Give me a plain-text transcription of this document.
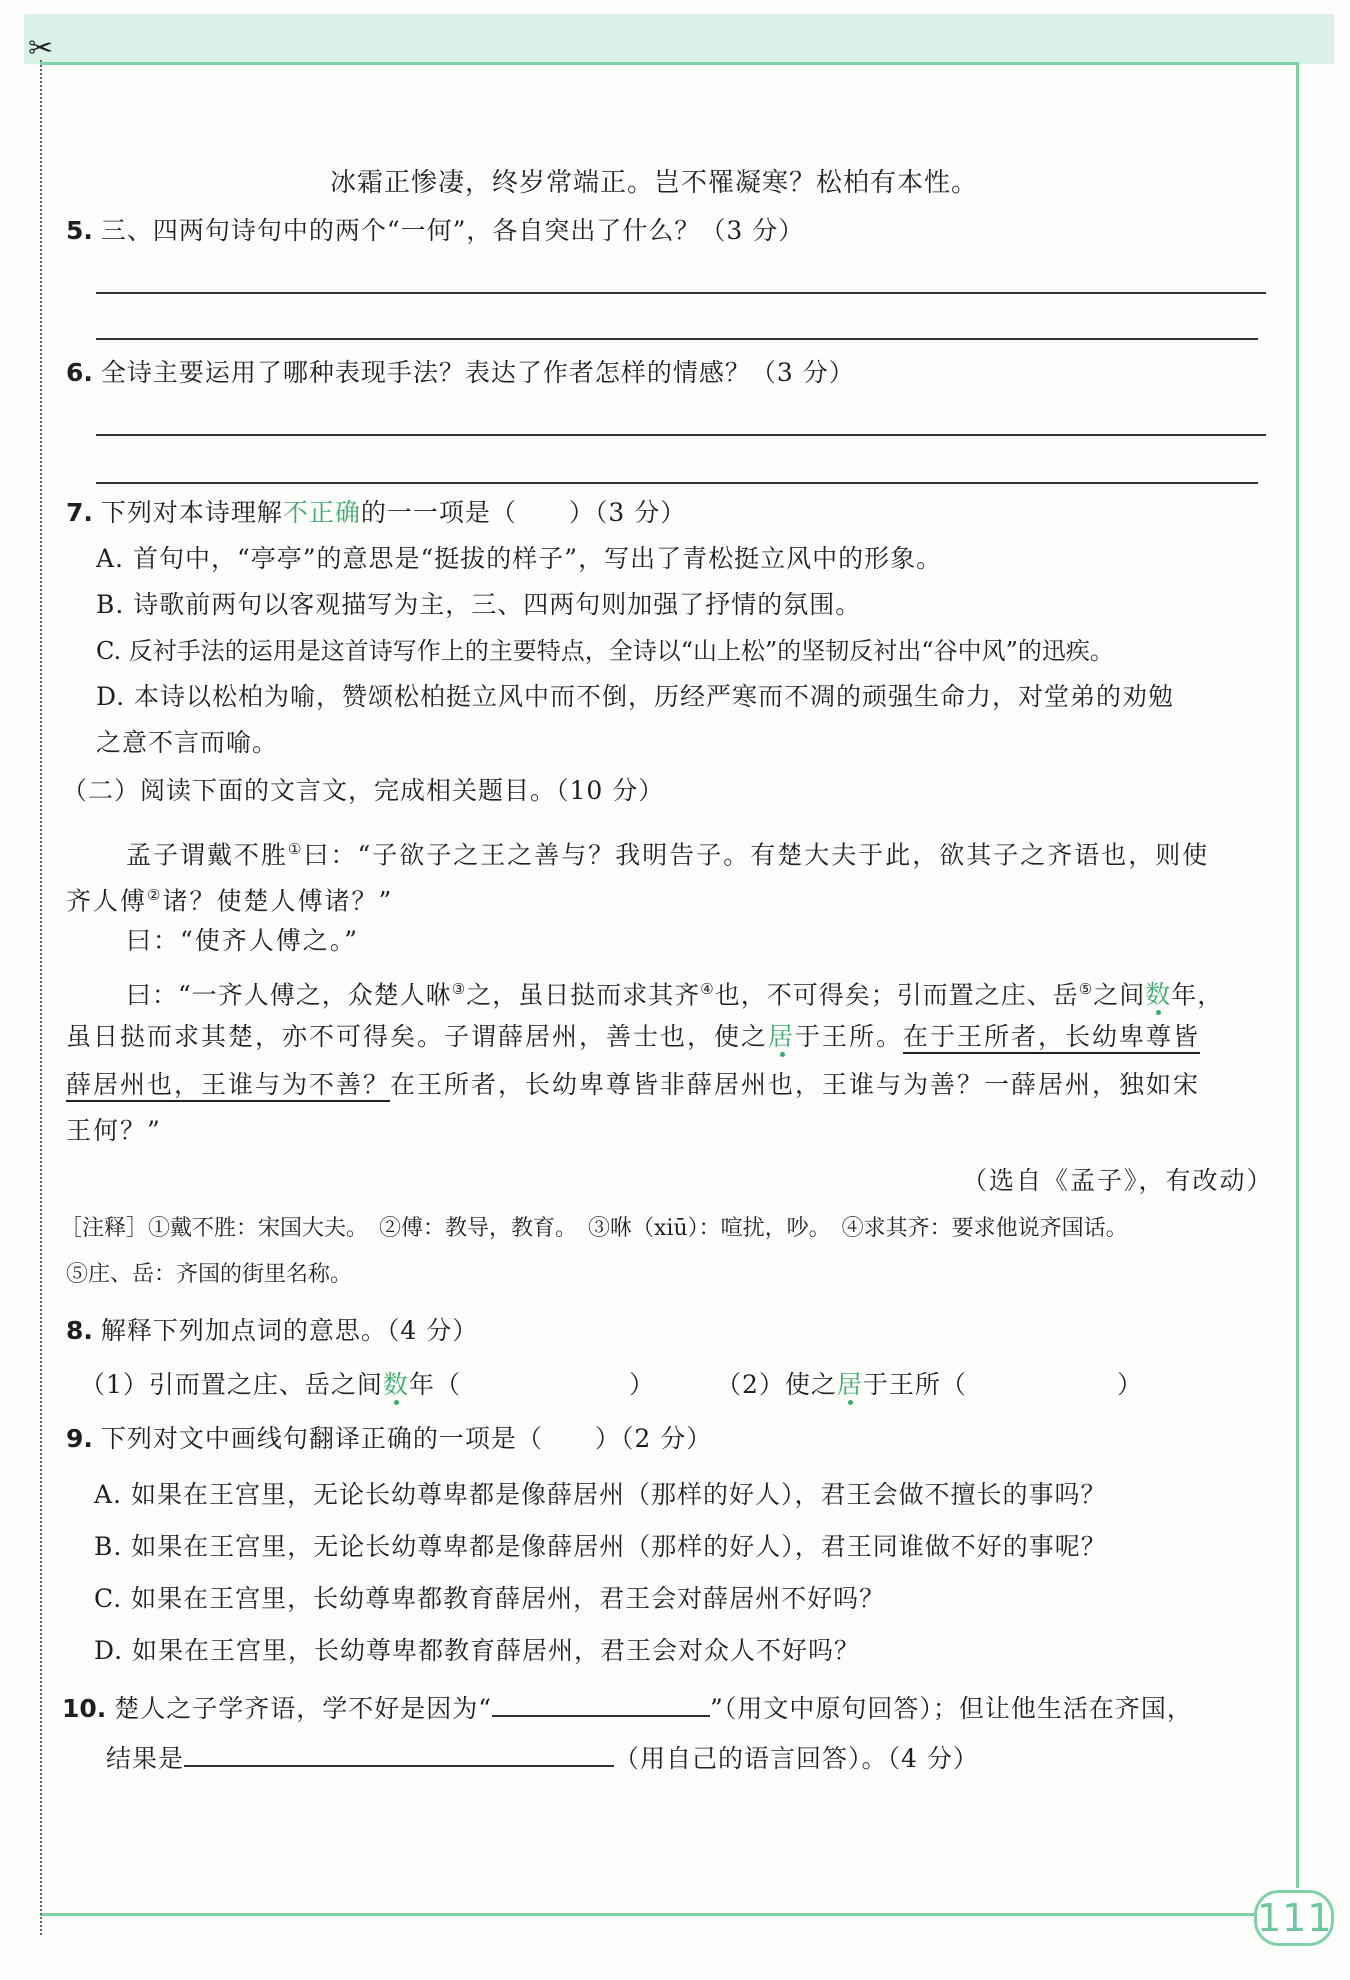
✂
冰霜正惨凄，终岁常端正。岂不罹凝寒？松柏有本性。
5. 三、四两句诗句中的两个“一何”，各自突出了什么？（3 分）
6. 全诗主要运用了哪种表现手法？表达了作者怎样的情感？（3 分）
7. 下列对本诗理解不正确的一一项是（　　）（3 分）
A. 首句中，“亭亭”的意思是“挺拔的样子”，写出了青松挺立风中的形象。
B. 诗歌前两句以客观描写为主，三、四两句则加强了抒情的氛围。
C. 反衬手法的运用是这首诗写作上的主要特点，全诗以“山上松”的坚韧反衬出“谷中风”的迅疾。
D. 本诗以松柏为喻，赞颂松柏挺立风中而不倒，历经严寒而不凋的顽强生命力，对堂弟的劝勉
之意不言而喻。
（二）阅读下面的文言文，完成相关题目。（10 分）
孟子谓戴不胜①曰：“子欲子之王之善与？我明告子。有楚大夫于此，欲其子之齐语也，则使
齐人傅②诸？使楚人傅诸？”
曰：“使齐人傅之。”
曰：“一齐人傅之，众楚人咻③之，虽日挞而求其齐④也，不可得矣；引而置之庄、岳⑤之间数年，
虽日挞而求其楚，亦不可得矣。子谓薛居州，善士也，使之居于王所。在于王所者，长幼卑尊皆
薛居州也，王谁与为不善？在王所者，长幼卑尊皆非薛居州也，王谁与为善？一薛居州，独如宋
王何？”
（选自《孟子》，有改动）
［注释］①戴不胜：宋国大夫。　②傅：教导，教育。　③咻（xiū）：喧扰，吵。　④求其齐：要求他说齐国话。
⑤庄、岳：齐国的街里名称。
8. 解释下列加点词的意思。（4 分）
（1）引而置之庄、岳之间数年（	） （2）使之居于王所（	）
9. 下列对文中画线句翻译正确的一项是（　　）（2 分）
A. 如果在王宫里，无论长幼尊卑都是像薛居州（那样的好人），君王会做不擅长的事吗？
B. 如果在王宫里，无论长幼尊卑都是像薛居州（那样的好人），君王同谁做不好的事呢？
C. 如果在王宫里，长幼尊卑都教育薛居州，君王会对薛居州不好吗？
D. 如果在王宫里，长幼尊卑都教育薛居州，君王会对众人不好吗？
10. 楚人之子学齐语，学不好是因为“	”（用文中原句回答）；但让他生活在齐国，
结果是	（用自己的语言回答）。（4 分）
111
